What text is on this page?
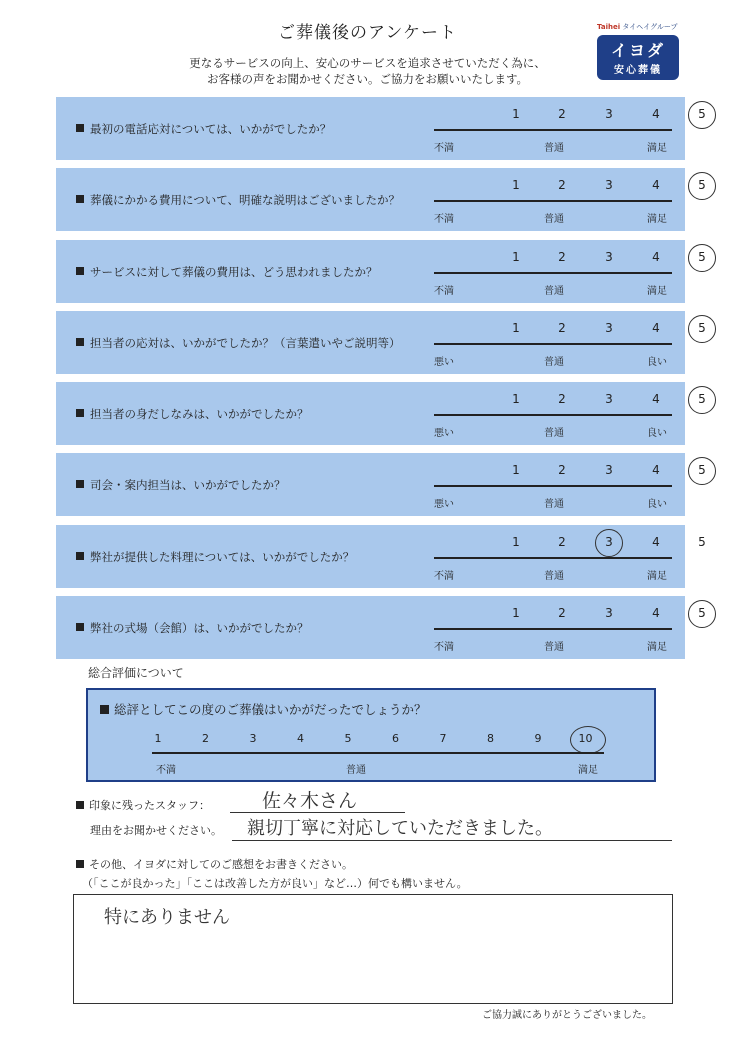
ご葬儀後のアンケート
更なるサービスの向上、安心のサービスを追求させていただく為に、
お客様の声をお聞かせください。ご協力をお願いいたします。
Taihei タイヘイグループ
イヨダ
安心葬儀
最初の電話応対については、いかがでしたか？
1	2	3	4	5
不満	普通	満足
葬儀にかかる費用について、明確な説明はございましたか？
1	2	3	4	5
不満	普通	満足
サービスに対して葬儀の費用は、どう思われましたか？
1	2	3	4	5
不満	普通	満足
担当者の応対は、いかがでしたか？（言葉遣いやご説明等）
1	2	3	4	5
悪い	普通	良い
担当者の身だしなみは、いかがでしたか？
1	2	3	4	5
悪い	普通	良い
司会・案内担当は、いかがでしたか？
1	2	3	4	5
悪い	普通	良い
弊社が提供した料理については、いかがでしたか？
1	2	3	4	5
不満	普通	満足
弊社の式場（会館）は、いかがでしたか？
1	2	3	4	5
不満	普通	満足
総合評価について
総評としてこの度のご葬儀はいかがだったでしょうか？
1	2	3	4	5	6	7	8	9	10
不満	普通	満足
印象に残ったスタッフ：	佐々木さん
理由をお聞かせください。 親切丁寧に対応していただきました。
その他、イヨダに対してのご感想をお書きください。
（「ここが良かった」「ここは改善した方が良い」など…）何でも構いません。
特にありません
ご協力誠にありがとうございました。
